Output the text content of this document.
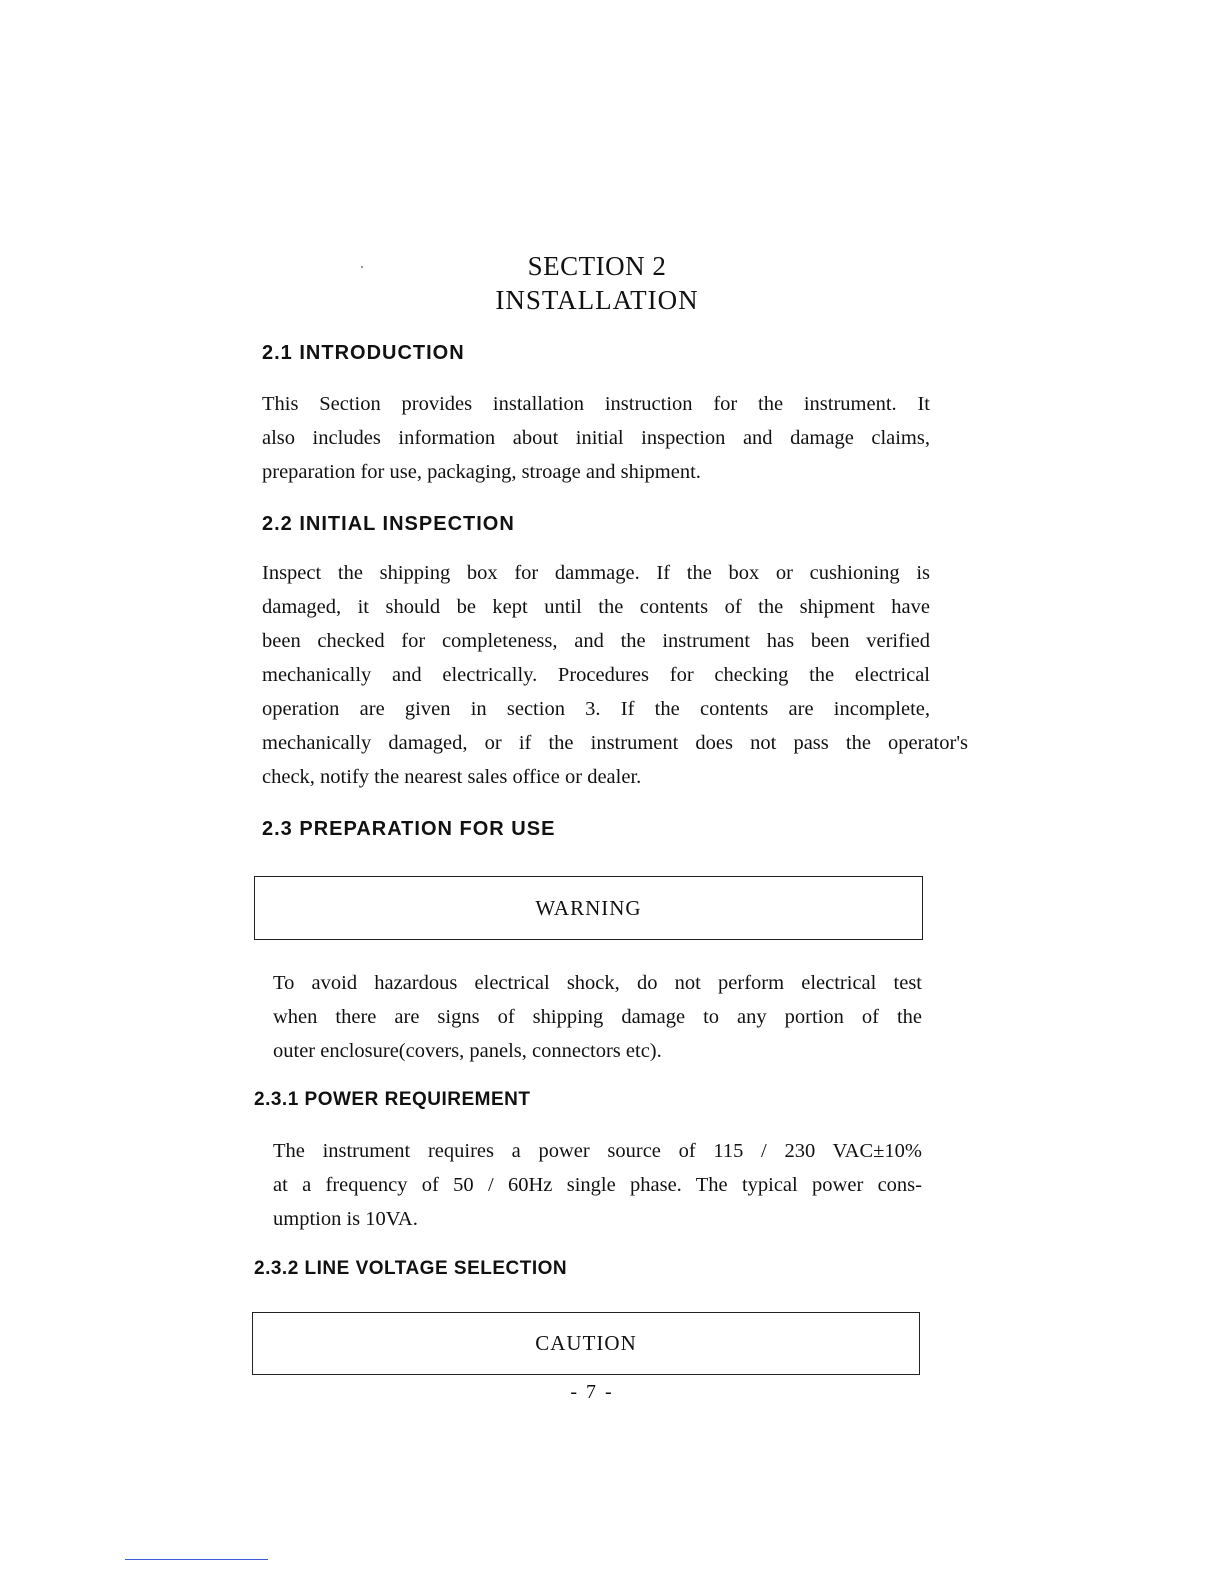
SECTION 2
INSTALLATION
2.1 INTRODUCTION
This Section provides installation instruction for the instrument. It
also includes information about initial inspection and damage claims,
preparation for use, packaging, stroage and shipment.
2.2 INITIAL INSPECTION
Inspect the shipping box for dammage. If the box or cushioning is
damaged, it should be kept until the contents of the shipment have
been checked for completeness, and the instrument has been verified
mechanically and electrically. Procedures for checking the electrical
operation are given in section 3. If the contents are incomplete,
mechanically damaged, or if the instrument does not pass the operator's
check, notify the nearest sales office or dealer.
2.3 PREPARATION FOR USE
WARNING
To avoid hazardous electrical shock, do not perform electrical test
when there are signs of shipping damage to any portion of the
outer enclosure(covers, panels, connectors etc).
2.3.1 POWER REQUIREMENT
The instrument requires a power source of 115 / 230 VAC±10%
at a frequency of 50 / 60Hz single phase. The typical power cons-
umption is 10VA.
2.3.2 LINE VOLTAGE SELECTION
CAUTION
- 7 -
